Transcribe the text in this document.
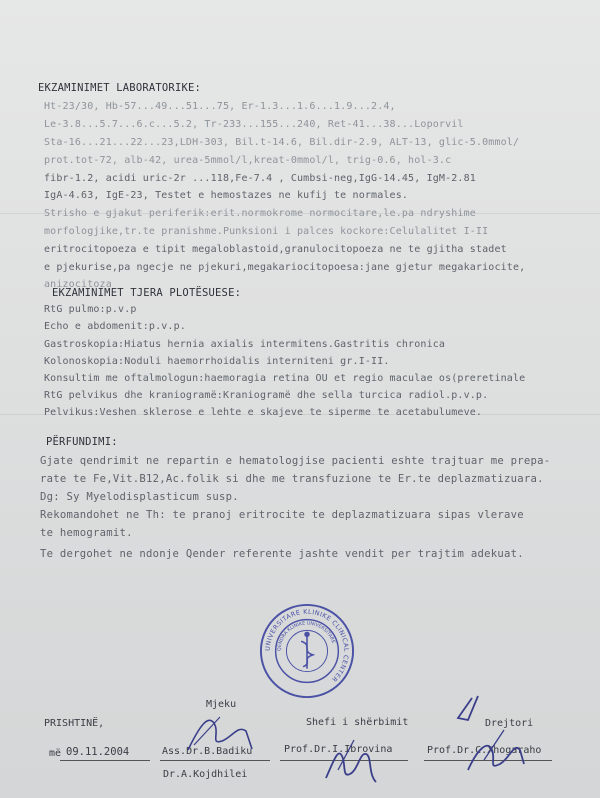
EKZAMINIMET LABORATORIKE:
Ht-23/30, Hb-57...49...51...75, Er-1.3...1.6...1.9...2.4,
Le-3.8...5.7...6.c...5.2, Tr-233...155...240, Ret-41...38...Loporvil
Sta-16...21...22...23,LDH-303, Bil.t-14.6, Bil.dir-2.9, ALT-13, glic-5.0mmol/
prot.tot-72, alb-42, urea-5mmol/l,kreat-0mmol/l, trig-0.6, hol-3.c
fibr-1.2, acidi uric-2r ...118,Fe-7.4 , Cumbsi-neg,IgG-14.45, IgM-2.81
IgA-4.63, IgE-23, Testet e hemostazes ne kufij te normales.
Strisho e gjakut periferik:erit.normokrome normocitare,le.pa ndryshime
morfologjike,tr.te pranishme.Punksioni i palces kockore:Celulalitet I-II
eritrocitopoeza e tipit megaloblastoid,granulocitopoeza ne te gjitha stadet
e pjekurise,pa ngecje ne pjekuri,megakariocitopoesa:jane gjetur megakariocite,
anizocitoza
EKZAMINIMET TJERA PLOTËSUESE:
RtG pulmo:p.v.p
Echo e abdomenit:p.v.p.
Gastroskopia:Hiatus hernia axialis intermitens.Gastritis chronica
Kolonoskopia:Noduli haemorrhoidalis interniteni gr.I-II.
Konsultim me oftalmologun:haemoragia retina OU et regio maculae os(preretinale
RtG pelvikus dhe kraniogramë:Kraniogramë dhe sella turcica radiol.p.v.p.
Pelvikus:Veshen sklerose e lehte e skajeve te siperme te acetabulumeve.
PËRFUNDIMI:
Gjate qendrimit ne repartin e hematologjise pacienti eshte trajtuar me prepa-
rate te Fe,Vit.B12,Ac.folik si dhe me transfuzione te Er.te deplazmatizuara.
Dg: Sy Myelodisplasticum susp.
Rekomandohet ne Th: te pranoj eritrocite te deplazmatizuara sipas vlerave
te hemogramit.
Te dergohet ne ndonje Qender referente jashte vendit per trajtim adekuat.
UNIVERSITARE KLINIKE CLINICAL CENTER
QENDRA KLINIKE UNIVERSITARE
PRISHTINË,
më 09.11.2004
Mjeku
Ass.Dr.B.Badiku
Dr.A.Kojdhilei
Shefi i shërbimit
Prof.Dr.I.Ibrovina
Drejtori
Prof.Dr.C.Xhogaraho
